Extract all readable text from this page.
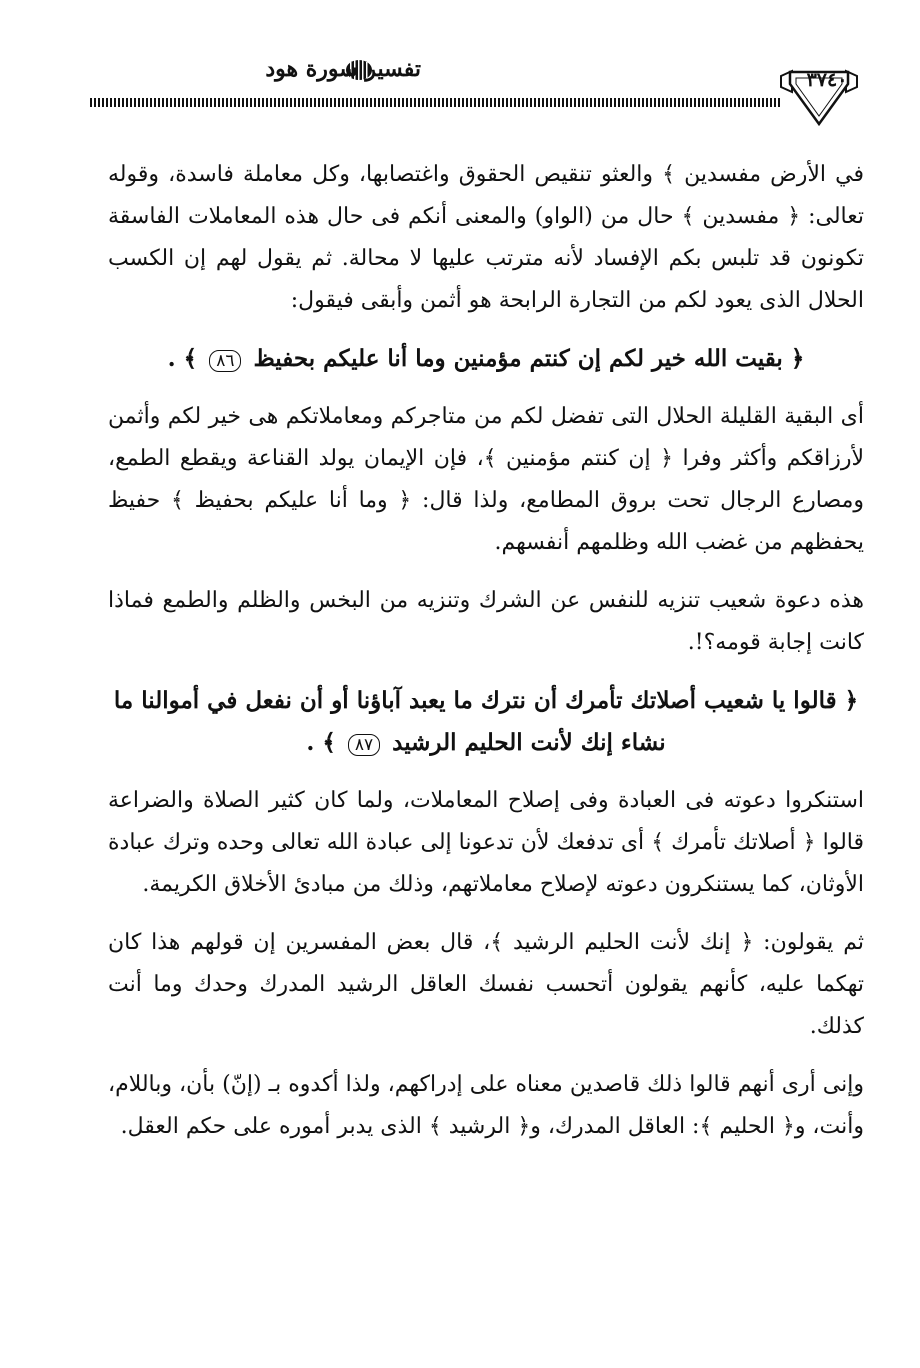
٣٧٤٠
تفسير سورة هود

في الأرض مفسدين ﴾ والعثو تنقيص الحقوق واغتصابها، وكل معاملة فاسدة، وقوله تعالى: ﴿ مفسدين ﴾ حال من (الواو) والمعنى أنكم فى حال هذه المعاملات الفاسقة تكونون قد تلبس بكم الإفساد لأنه مترتب عليها لا محالة. ثم يقول لهم إن الكسب الحلال الذى يعود لكم من التجارة الرابحة هو أثمن وأبقى فيقول:

﴿ بقيت الله خير لكم إن كنتم مؤمنين وما أنا عليكم بحفيظ ٨٦ ﴾ .

أى البقية القليلة الحلال التى تفضل لكم من متاجركم ومعاملاتكم هى خير لكم وأثمن لأرزاقكم وأكثر وفرا ﴿ إن كنتم مؤمنين ﴾، فإن الإيمان يولد القناعة ويقطع الطمع، ومصارع الرجال تحت بروق المطامع، ولذا قال: ﴿ وما أنا عليكم بحفيظ ﴾ حفيظ يحفظهم من غضب الله وظلمهم أنفسهم.

هذه دعوة شعيب تنزيه للنفس عن الشرك وتنزيه من البخس والظلم والطمع فماذا كانت إجابة قومه؟!.

﴿ قالوا يا شعيب أصلاتك تأمرك أن نترك ما يعبد آباؤنا أو أن نفعل في أموالنا ما نشاء إنك لأنت الحليم الرشيد ٨٧ ﴾ .

استنكروا دعوته فى العبادة وفى إصلاح المعاملات، ولما كان كثير الصلاة والضراعة قالوا ﴿ أصلاتك تأمرك ﴾ أى تدفعك لأن تدعونا إلى عبادة الله تعالى وحده وترك عبادة الأوثان، كما يستنكرون دعوته لإصلاح معاملاتهم، وذلك من مبادئ الأخلاق الكريمة.

ثم يقولون: ﴿ إنك لأنت الحليم الرشيد ﴾، قال بعض المفسرين إن قولهم هذا كان تهكما عليه، كأنهم يقولون أتحسب نفسك العاقل الرشيد المدرك وحدك وما أنت كذلك.

وإنى أرى أنهم قالوا ذلك قاصدين معناه على إدراكهم، ولذا أكدوه بـ (إنّ) بأن، وباللام، وأنت، و﴿ الحليم ﴾: العاقل المدرك، و﴿ الرشيد ﴾ الذى يدبر أموره على حكم العقل.
